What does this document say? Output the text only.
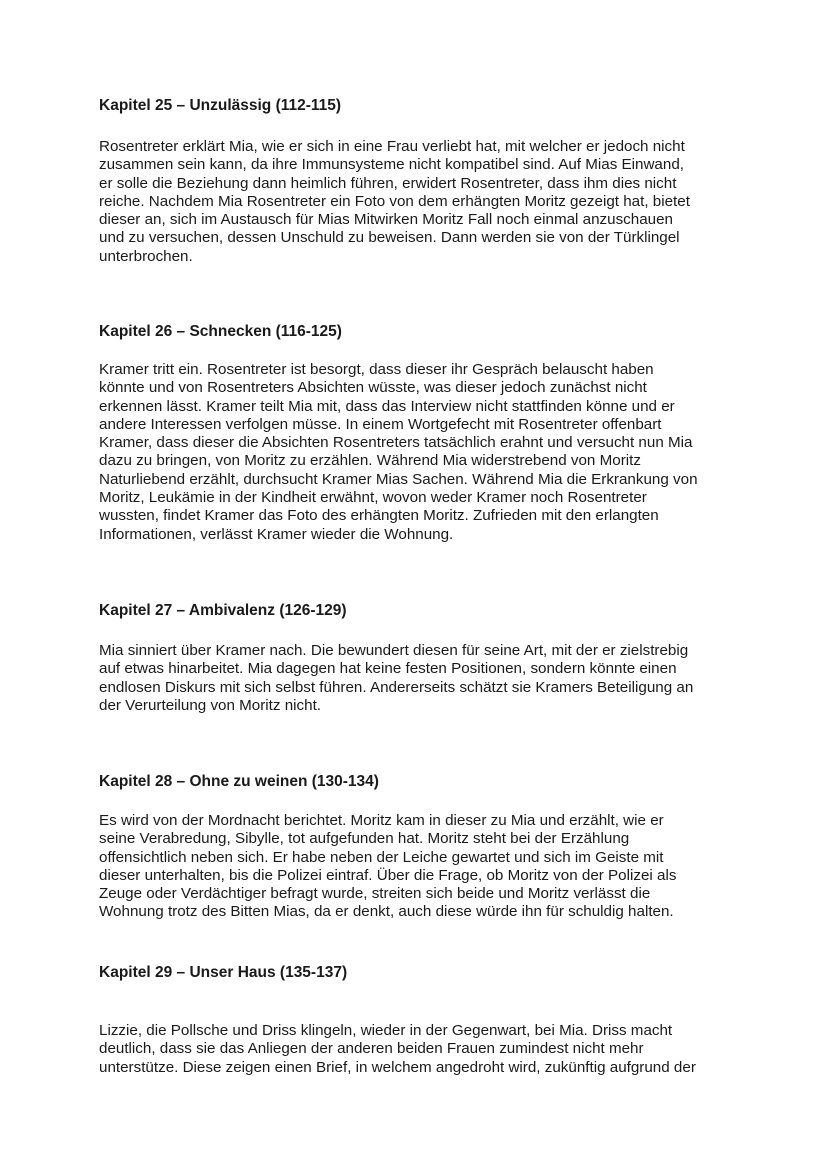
Kapitel 25 – Unzulässig (112-115)
Rosentreter erklärt Mia, wie er sich in eine Frau verliebt hat, mit welcher er jedoch nicht
zusammen sein kann, da ihre Immunsysteme nicht kompatibel sind. Auf Mias Einwand,
er solle die Beziehung dann heimlich führen, erwidert Rosentreter, dass ihm dies nicht
reiche. Nachdem Mia Rosentreter ein Foto von dem erhängten Moritz gezeigt hat, bietet
dieser an, sich im Austausch für Mias Mitwirken Moritz Fall noch einmal anzuschauen
und zu versuchen, dessen Unschuld zu beweisen. Dann werden sie von der Türklingel
unterbrochen.
Kapitel 26 – Schnecken (116-125)
Kramer tritt ein. Rosentreter ist besorgt, dass dieser ihr Gespräch belauscht haben
könnte und von Rosentreters Absichten wüsste, was dieser jedoch zunächst nicht
erkennen lässt. Kramer teilt Mia mit, dass das Interview nicht stattfinden könne und er
andere Interessen verfolgen müsse. In einem Wortgefecht mit Rosentreter offenbart
Kramer, dass dieser die Absichten Rosentreters tatsächlich erahnt und versucht nun Mia
dazu zu bringen, von Moritz zu erzählen. Während Mia widerstrebend von Moritz
Naturliebend erzählt, durchsucht Kramer Mias Sachen. Während Mia die Erkrankung von
Moritz, Leukämie in der Kindheit erwähnt, wovon weder Kramer noch Rosentreter
wussten, findet Kramer das Foto des erhängten Moritz. Zufrieden mit den erlangten
Informationen, verlässt Kramer wieder die Wohnung.
Kapitel 27 – Ambivalenz (126-129)
Mia sinniert über Kramer nach. Die bewundert diesen für seine Art, mit der er zielstrebig
auf etwas hinarbeitet. Mia dagegen hat keine festen Positionen, sondern könnte einen
endlosen Diskurs mit sich selbst führen. Andererseits schätzt sie Kramers Beteiligung an
der Verurteilung von Moritz nicht.
Kapitel 28 – Ohne zu weinen (130-134)
Es wird von der Mordnacht berichtet. Moritz kam in dieser zu Mia und erzählt, wie er
seine Verabredung, Sibylle, tot aufgefunden hat. Moritz steht bei der Erzählung
offensichtlich neben sich. Er habe neben der Leiche gewartet und sich im Geiste mit
dieser unterhalten, bis die Polizei eintraf. Über die Frage, ob Moritz von der Polizei als
Zeuge oder Verdächtiger befragt wurde, streiten sich beide und Moritz verlässt die
Wohnung trotz des Bitten Mias, da er denkt, auch diese würde ihn für schuldig halten.
Kapitel 29 – Unser Haus (135-137)
Lizzie, die Pollsche und Driss klingeln, wieder in der Gegenwart, bei Mia. Driss macht
deutlich, dass sie das Anliegen der anderen beiden Frauen zumindest nicht mehr
unterstütze. Diese zeigen einen Brief, in welchem angedroht wird, zukünftig aufgrund der
